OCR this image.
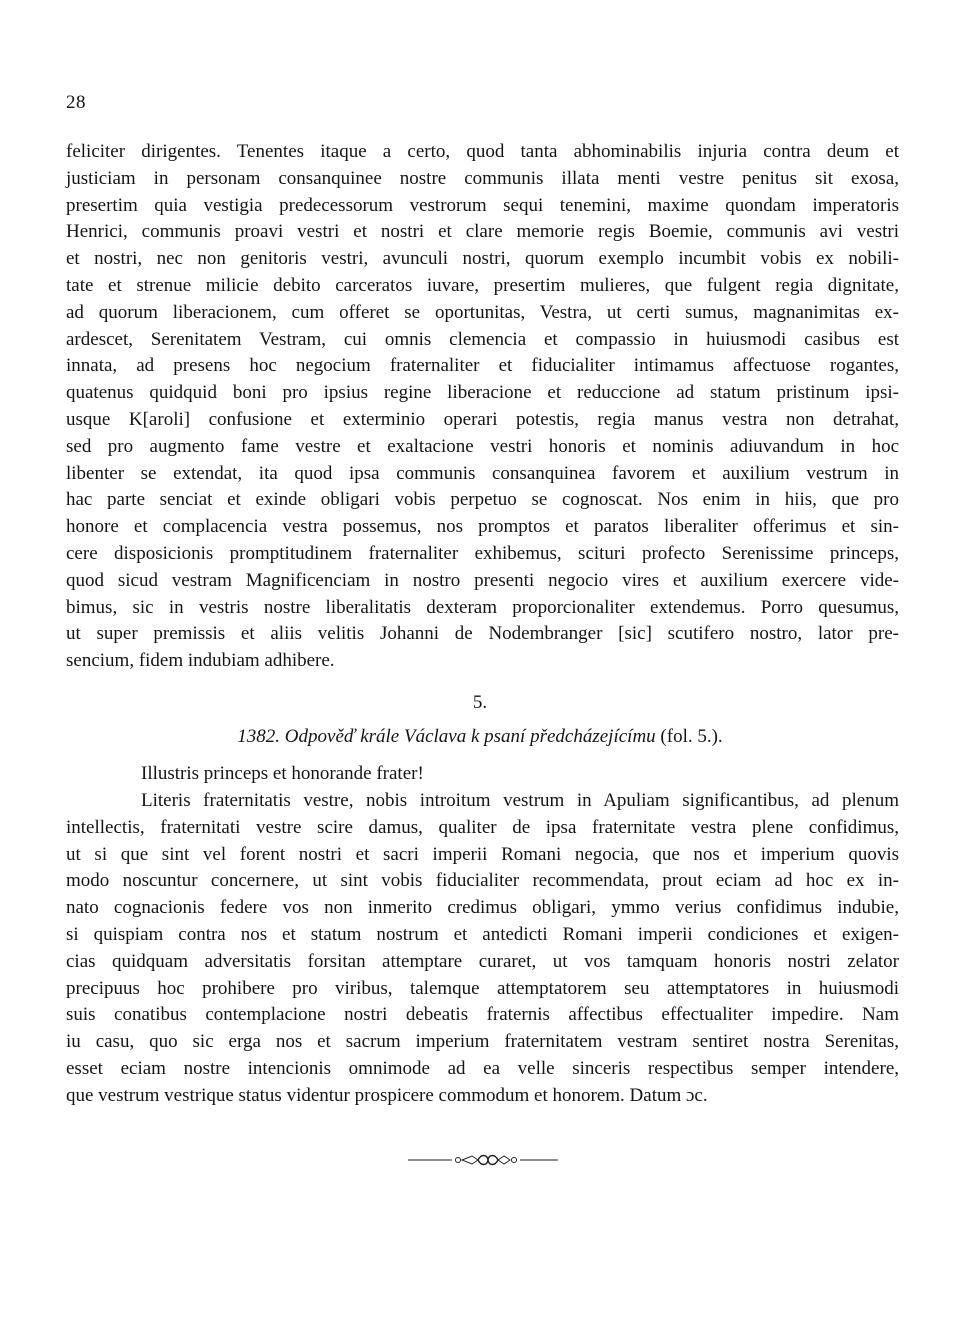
28
feliciter dirigentes. Tenentes itaque a certo, quod tanta abhominabilis injuria contra deum et
justiciam in personam consanquinee nostre communis illata menti vestre penitus sit exosa,
presertim quia vestigia predecessorum vestrorum sequi tenemini, maxime quondam imperatoris
Henrici, communis proavi vestri et nostri et clare memorie regis Boemie, communis avi vestri
et nostri, nec non genitoris vestri, avunculi nostri, quorum exemplo incumbit vobis ex nobili-
tate et strenue milicie debito carceratos iuvare, presertim mulieres, que fulgent regia dignitate,
ad quorum liberacionem, cum offeret se oportunitas, Vestra, ut certi sumus, magnanimitas ex-
ardescet, Serenitatem Vestram, cui omnis clemencia et compassio in huiusmodi casibus est
innata, ad presens hoc negocium fraternaliter et fiducialiter intimamus affectuose rogantes,
quatenus quidquid boni pro ipsius regine liberacione et reduccione ad statum pristinum ipsi-
usque K[aroli] confusione et exterminio operari potestis, regia manus vestra non detrahat,
sed pro augmento fame vestre et exaltacione vestri honoris et nominis adiuvandum in hoc
libenter se extendat, ita quod ipsa communis consanquinea favorem et auxilium vestrum in
hac parte senciat et exinde obligari vobis perpetuo se cognoscat. Nos enim in hiis, que pro
honore et complacencia vestra possemus, nos promptos et paratos liberaliter offerimus et sin-
cere disposicionis promptitudinem fraternaliter exhibemus, sciturі profecto Serenissime princeps,
quod sicud vestram Magnificenciam in nostro presenti negocio vires et auxilium exercere vide-
bimus, sic in vestris nostre liberalitatis dexteram proporcionaliter extendemus. Porro quesumus,
ut super premissis et aliis velitis Johanni de Nodembranger [sic] scutifero nostro, lator pre-
sencium, fidem indubiam adhibere.
5.
1382. Odpověď krále Václava k psaní předcházejícímu (fol. 5.).
Illustris princeps et honorande frater!
Literis fraternitatis vestre, nobis introitum vestrum in Apuliam significantibus, ad plenum
intellectis, fraternitati vestre scire damus, qualiter de ipsa fraternitate vestra plene confidimus,
ut si que sint vel forent nostri et sacri imperii Romani negocia, que nos et imperium quovis
modo noscuntur concernere, ut sint vobis fiducialiter recommendata, prout eciam ad hoc ex in-
nato cognacionis federe vos non inmerito credimus obligari, ymmo verius confidimus indubie,
si quispiam contra nos et statum nostrum et antedicti Romani imperii condiciones et exigen-
cias quidquam adversitatis forsitan attemptare curaret, ut vos tamquam honoris nostri zelator
precipuus hoc prohibere pro viribus, talemque attemptatorem seu attemptatores in huiusmodi
suis conatibus contemplacione nostri debeatis fraternis affectibus effectualiter impedire. Nam
iu casu, quo sic erga nos et sacrum imperium fraternitatem vestram sentiret nostra Serenitas,
esset eciam nostre intencionis omnimode ad ea velle sinceris respectibus semper intendere,
que vestrum vestrique status videntur prospicere commodum et honorem. Datum ɔc.
